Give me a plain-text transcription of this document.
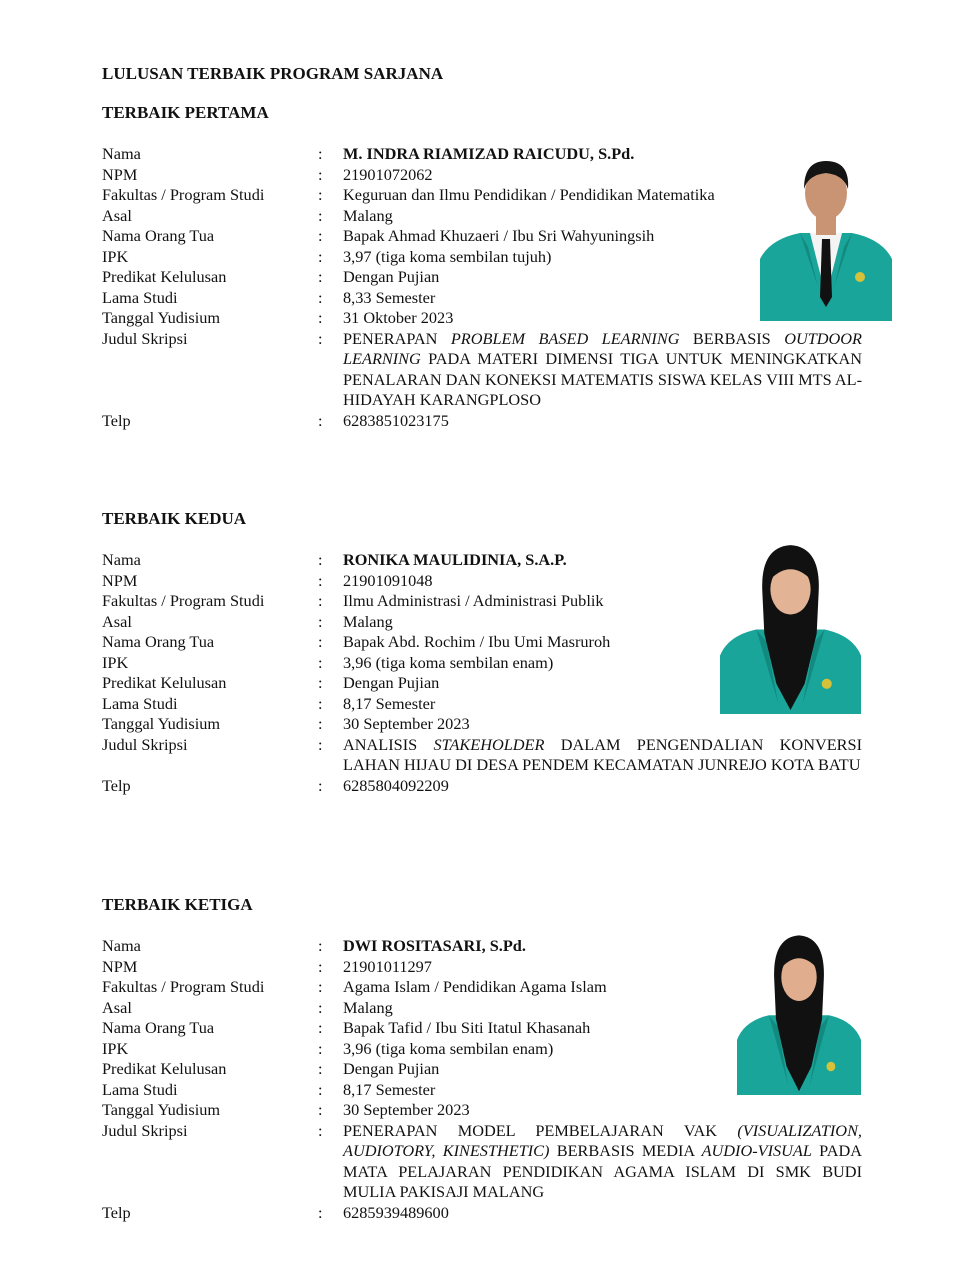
LULUSAN TERBAIK PROGRAM SARJANA
TERBAIK PERTAMA
Nama	:	M. INDRA RIAMIZAD RAICUDU, S.Pd.
NPM	:	21901072062
Fakultas / Program Studi	:	Keguruan dan Ilmu Pendidikan / Pendidikan Matematika
Asal	:	Malang
Nama Orang Tua	:	Bapak Ahmad Khuzaeri / Ibu Sri Wahyuningsih
IPK	:	3,97 (tiga koma sembilan tujuh)
Predikat Kelulusan	:	Dengan Pujian
Lama Studi	:	8,33 Semester
Tanggal Yudisium	:	31 Oktober 2023
Judul Skripsi	:	PENERAPAN PROBLEM BASED LEARNING BERBASIS OUTDOOR LEARNING PADA MATERI DIMENSI TIGA UNTUK MENINGKATKAN PENALARAN DAN KONEKSI MATEMATIS SISWA KELAS VIII MTS AL-HIDAYAH KARANGPLOSO
Telp	:	6283851023175
TERBAIK KEDUA
Nama	:	RONIKA MAULIDINIA, S.A.P.
NPM	:	21901091048
Fakultas / Program Studi	:	Ilmu Administrasi / Administrasi Publik
Asal	:	Malang
Nama Orang Tua	:	Bapak Abd. Rochim / Ibu Umi Masruroh
IPK	:	3,96 (tiga koma sembilan enam)
Predikat Kelulusan	:	Dengan Pujian
Lama Studi	:	8,17 Semester
Tanggal Yudisium	:	30 September 2023
Judul Skripsi	:	ANALISIS STAKEHOLDER DALAM PENGENDALIAN KONVERSI LAHAN HIJAU DI DESA PENDEM KECAMATAN JUNREJO KOTA BATU
Telp	:	6285804092209
TERBAIK KETIGA
Nama	:	DWI ROSITASARI, S.Pd.
NPM	:	21901011297
Fakultas / Program Studi	:	Agama Islam / Pendidikan Agama Islam
Asal	:	Malang
Nama Orang Tua	:	Bapak Tafid / Ibu Siti Itatul Khasanah
IPK	:	3,96 (tiga koma sembilan enam)
Predikat Kelulusan	:	Dengan Pujian
Lama Studi	:	8,17 Semester
Tanggal Yudisium	:	30 September 2023
Judul Skripsi	:	PENERAPAN MODEL PEMBELAJARAN VAK (VISUALIZATION, AUDIOTORY, KINESTHETIC) BERBASIS MEDIA AUDIO-VISUAL PADA MATA PELAJARAN PENDIDIKAN AGAMA ISLAM DI SMK BUDI MULIA PAKISAJI MALANG
Telp	:	6285939489600
